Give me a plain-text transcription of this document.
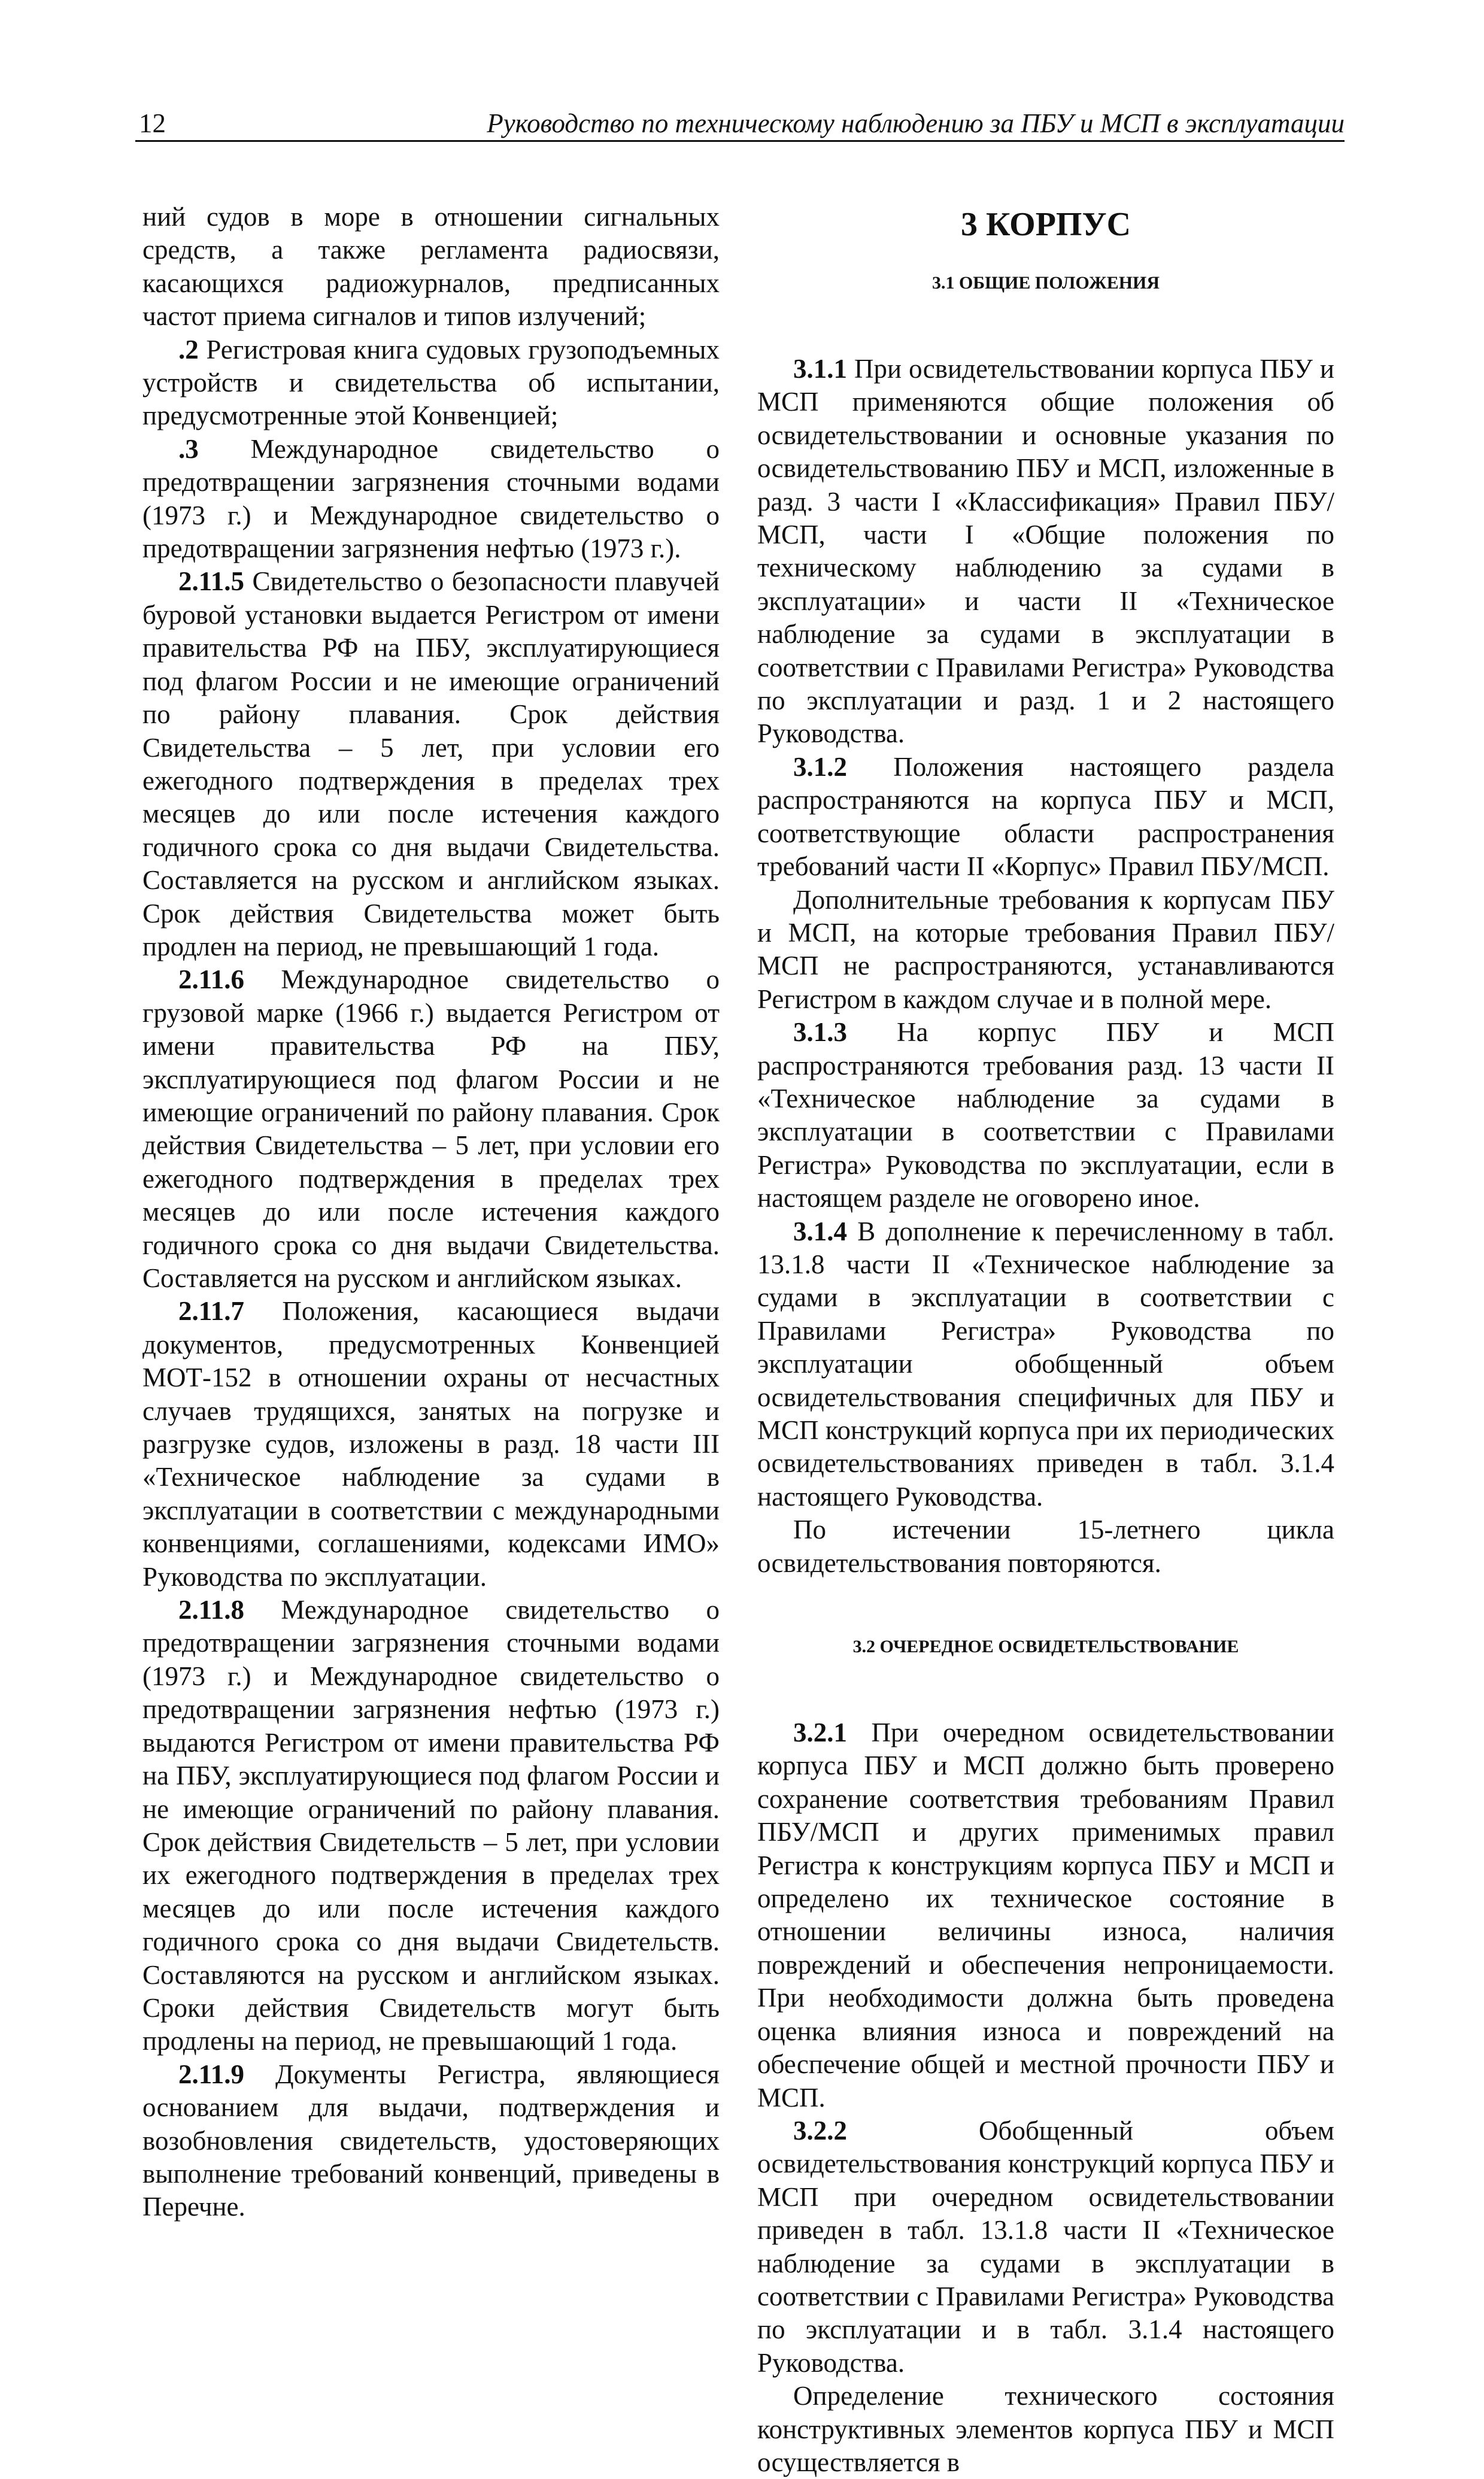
12	Руководство по техническому наблюдению за ПБУ и МСП в эксплуатации

ний судов в море в отношении сигнальных средств, а также регламента радиосвязи, касающихся радиожурналов, предписанных частот приема сигналов и типов излучений;

.2 Регистровая книга судовых грузоподъемных устройств и свидетельства об испытании, предусмотренные этой Конвенцией;

.3 Международное свидетельство о предотвращении загрязнения сточными водами (1973 г.) и Международное свидетельство о предотвращении загрязнения нефтью (1973 г.).

2.11.5 Свидетельство о безопасности плавучей буровой установки выдается Регистром от имени правительства РФ на ПБУ, эксплуатирующиеся под флагом России и не имеющие ограничений по району плавания. Срок действия Свидетельства – 5 лет, при условии его ежегодного подтверждения в пределах трех месяцев до или после истечения каждого годичного срока со дня выдачи Свидетельства. Составляется на русском и английском языках. Срок действия Свидетельства может быть продлен на период, не превышающий 1 года.

2.11.6 Международное свидетельство о грузовой марке (1966 г.) выдается Регистром от имени правительства РФ на ПБУ, эксплуатирующиеся под флагом России и не имеющие ограничений по району плавания. Срок действия Свидетельства – 5 лет, при условии его ежегодного подтверждения в пределах трех месяцев до или после истечения каждого годичного срока со дня выдачи Свидетельства. Составляется на русском и английском языках.

2.11.7 Положения, касающиеся выдачи документов, предусмотренных Конвенцией МОТ-152 в отношении охраны от несчастных случаев трудящихся, занятых на погрузке и разгрузке судов, изложены в разд. 18 части III «Техническое наблюдение за судами в эксплуатации в соответствии с международными конвенциями, соглашениями, кодексами ИМО» Руководства по эксплуатации.

2.11.8 Международное свидетельство о предотвращении загрязнения сточными водами (1973 г.) и Международное свидетельство о предотвращении загрязнения нефтью (1973 г.) выдаются Регистром от имени правительства РФ на ПБУ, эксплуатирующиеся под флагом России и не имеющие ограничений по району плавания. Срок действия Свидетельств – 5 лет, при условии их ежегодного подтверждения в пределах трех месяцев до или после истечения каждого годичного срока со дня выдачи Свидетельств. Составляются на русском и английском языках. Сроки действия Свидетельств могут быть продлены на период, не превышающий 1 года.

2.11.9 Документы Регистра, являющиеся основанием для выдачи, подтверждения и возобновления свидетельств, удостоверяющих выполнение требований конвенций, приведены в Перечне.

3 КОРПУС
3.1 ОБЩИЕ ПОЛОЖЕНИЯ

3.1.1 При освидетельствовании корпуса ПБУ и МСП применяются общие положения об освидетельствовании и основные указания по освидетельствованию ПБУ и МСП, изложенные в разд. 3 части I «Классификация» Правил ПБУ/МСП, части I «Общие положения по техническому наблюдению за судами в эксплуатации» и части II «Техническое наблюдение за судами в эксплуатации в соответствии с Правилами Регистра» Руководства по эксплуатации и разд. 1 и 2 настоящего Руководства.

3.1.2 Положения настоящего раздела распространяются на корпуса ПБУ и МСП, соответствующие области распространения требований части II «Корпус» Правил ПБУ/МСП.

Дополнительные требования к корпусам ПБУ и МСП, на которые требования Правил ПБУ/МСП не распространяются, устанавливаются Регистром в каждом случае и в полной мере.

3.1.3 На корпус ПБУ и МСП распространяются требования разд. 13 части II «Техническое наблюдение за судами в эксплуатации в соответствии с Правилами Регистра» Руководства по эксплуатации, если в настоящем разделе не оговорено иное.

3.1.4 В дополнение к перечисленному в табл. 13.1.8 части II «Техническое наблюдение за судами в эксплуатации в соответствии с Правилами Регистра» Руководства по эксплуатации обобщенный объем освидетельствования специфичных для ПБУ и МСП конструкций корпуса при их периодических освидетельствованиях приведен в табл. 3.1.4 настоящего Руководства.

По истечении 15-летнего цикла освидетельствования повторяются.

3.2 ОЧЕРЕДНОЕ ОСВИДЕТЕЛЬСТВОВАНИЕ

3.2.1 При очередном освидетельствовании корпуса ПБУ и МСП должно быть проверено сохранение соответствия требованиям Правил ПБУ/МСП и других применимых правил Регистра к конструкциям корпуса ПБУ и МСП и определено их техническое состояние в отношении величины износа, наличия повреждений и обеспечения непроницаемости. При необходимости должна быть проведена оценка влияния износа и повреждений на обеспечение общей и местной прочности ПБУ и МСП.

3.2.2 Обобщенный объем освидетельствования конструкций корпуса ПБУ и МСП при очередном освидетельствовании приведен в табл. 13.1.8 части II «Техническое наблюдение за судами в эксплуатации в соответствии с Правилами Регистра» Руководства по эксплуатации и в табл. 3.1.4 настоящего Руководства.

Определение технического состояния конструктивных элементов корпуса ПБУ и МСП осуществляется в
